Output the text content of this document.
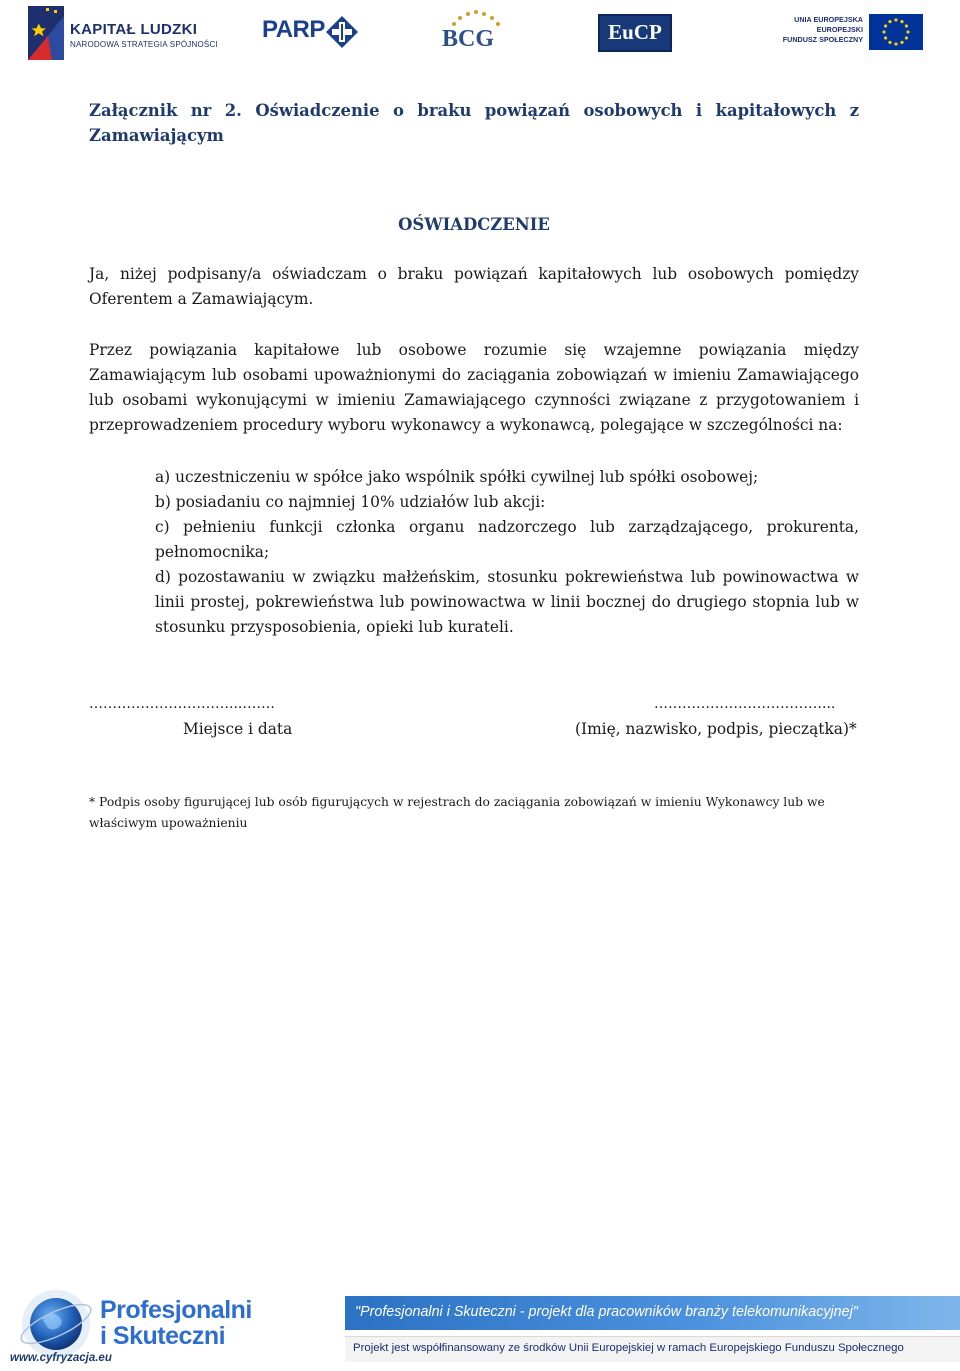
KAPITAŁ LUDZKI
NARODOWA STRATEGIA SPÓJNOŚCI
PARP	BCG	EuCP
UNIA EUROPEJSKA
EUROPEJSKI
FUNDUSZ SPOŁECZNY

Załącznik nr 2. Oświadczenie o braku powiązań osobowych i kapitałowych z Zamawiającym

OŚWIADCZENIE

Ja, niżej podpisany/a oświadczam o braku powiązań kapitałowych lub osobowych pomiędzy Oferentem a Zamawiającym.

Przez powiązania kapitałowe lub osobowe rozumie się wzajemne powiązania między Zamawiającym lub osobami upoważnionymi do zaciągania zobowiązań w imieniu Zamawiającego lub osobami wykonującymi w imieniu Zamawiającego czynności związane z przygotowaniem i przeprowadzeniem procedury wyboru wykonawcy a wykonawcą, polegające w szczególności na:

a) uczestniczeniu w spółce jako wspólnik spółki cywilnej lub spółki osobowej;
b) posiadaniu co najmniej 10% udziałów lub akcji:
c) pełnieniu funkcji członka organu nadzorczego lub zarządzającego, prokurenta, pełnomocnika;
d) pozostawaniu w związku małżeńskim, stosunku pokrewieństwa lub powinowactwa w linii prostej, pokrewieństwa lub powinowactwa w linii bocznej do drugiego stopnia lub w stosunku przysposobienia, opieki lub kurateli.
…………………………...…….	………………………………...
Miejsce i data	(Imię, nazwisko, podpis, pieczątka)*

* Podpis osoby figurującej lub osób figurujących w rejestrach do zaciągania zobowiązań w imieniu Wykonawcy lub we właściwym upoważnieniu

Profesjonalni
i Skuteczni
www.cyfryzacja.eu
"Profesjonalni i Skuteczni - projekt dla pracowników branży telekomunikacyjnej"
Projekt jest współfinansowany ze środków Unii Europejskiej w ramach Europejskiego Funduszu Społecznego
